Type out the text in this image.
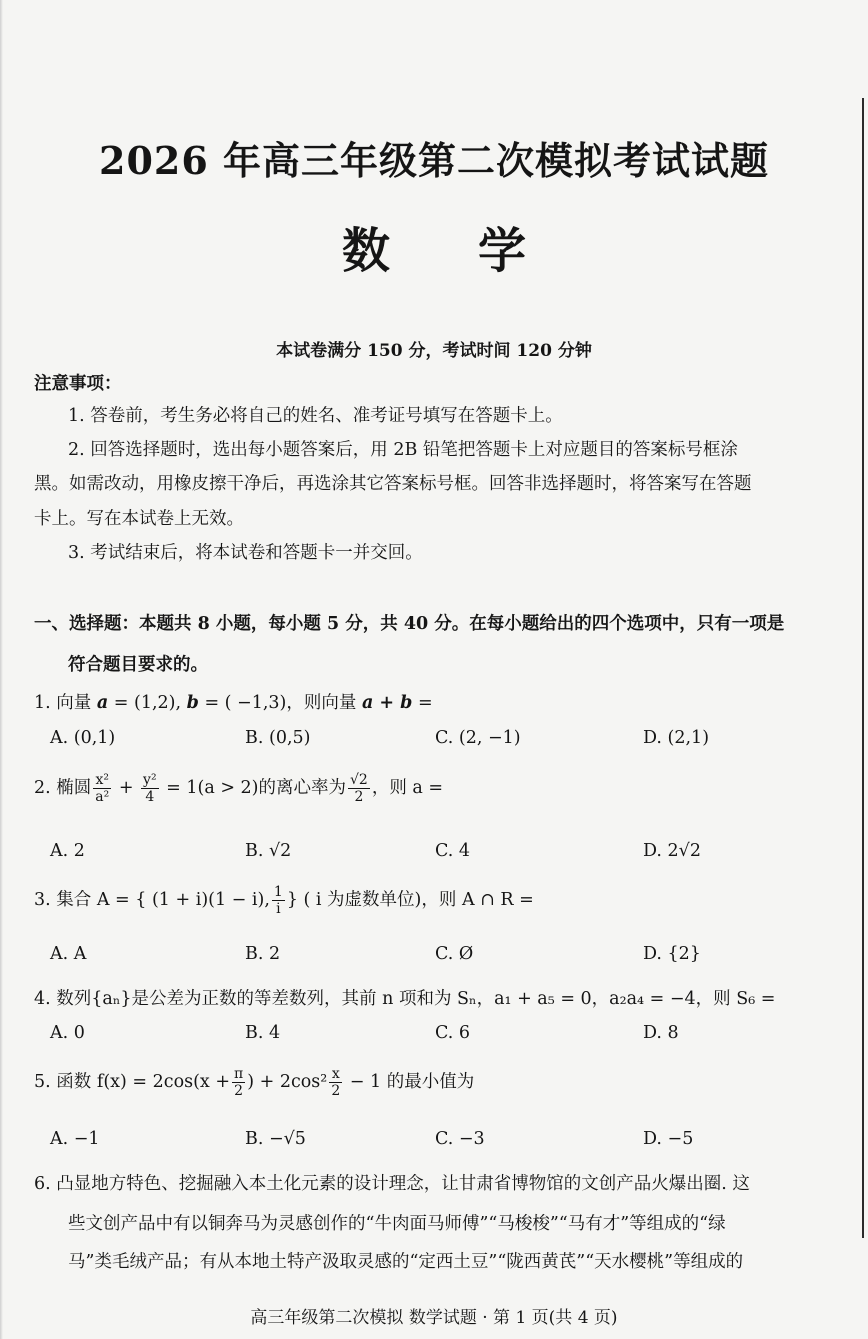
2026 年高三年级第二次模拟考试试题
数学
本试卷满分 150 分，考试时间 120 分钟
注意事项：
1. 答卷前，考生务必将自己的姓名、准考证号填写在答题卡上。
2. 回答选择题时，选出每小题答案后，用 2B 铅笔把答题卡上对应题目的答案标号框涂
黑。如需改动，用橡皮擦干净后，再选涂其它答案标号框。回答非选择题时，将答案写在答题
卡上。写在本试卷上无效。
3. 考试结束后，将本试卷和答题卡一并交回。
一、选择题：本题共 8 小题，每小题 5 分，共 40 分。在每小题给出的四个选项中，只有一项是
符合题目要求的。
1. 向量 a = (1,2), b = ( −1,3)，则向量 a + b =
A. (0,1)	B. (0,5)	C. (2, −1)	D. (2,1)
2. 椭圆 $\frac{\text{x²}}{\text{a²}} + \frac{\text{y²}}{4} = 1(a > 2)$的离心率为 $\frac{√2}{2}$ ，则 a =
A. 2	B. √2	C. 4	D. 2√2
3. 集合 A = { (1 + i)(1 − i), $\frac{1}{i}$ } ( i 为虚数单位)，则 A ∩ R =
A. A	B. 2	C. Ø	D. {2}
4. 数列{aₙ}是公差为正数的等差数列，其前 n 项和为 Sₙ，a₁ + a₅ = 0，a₂a₄ = −4，则 S₆ =
A. 0	B. 4	C. 6	D. 8
5. 函数 $f(x) = 2\cos(x + \frac{\pi}{2}$ ) + $2\cos^2 \frac{x}{2} - 1$ 的最小值为
A. −1	B. −√5	C. −3	D. −5
6. 凸显地方特色、挖掘融入本土化元素的设计理念，让甘肃省博物馆的文创产品火爆出圈. 这
些文创产品中有以铜奔马为灵感创作的“牛肉面马师傅”“马梭梭”“马有才”等组成的“绿
马”类毛绒产品；有从本地土特产汲取灵感的“定西土豆”“陇西黄芪”“天水樱桃”等组成的
高三年级第二次模拟 数学试题 · 第 1 页(共 4 页)
